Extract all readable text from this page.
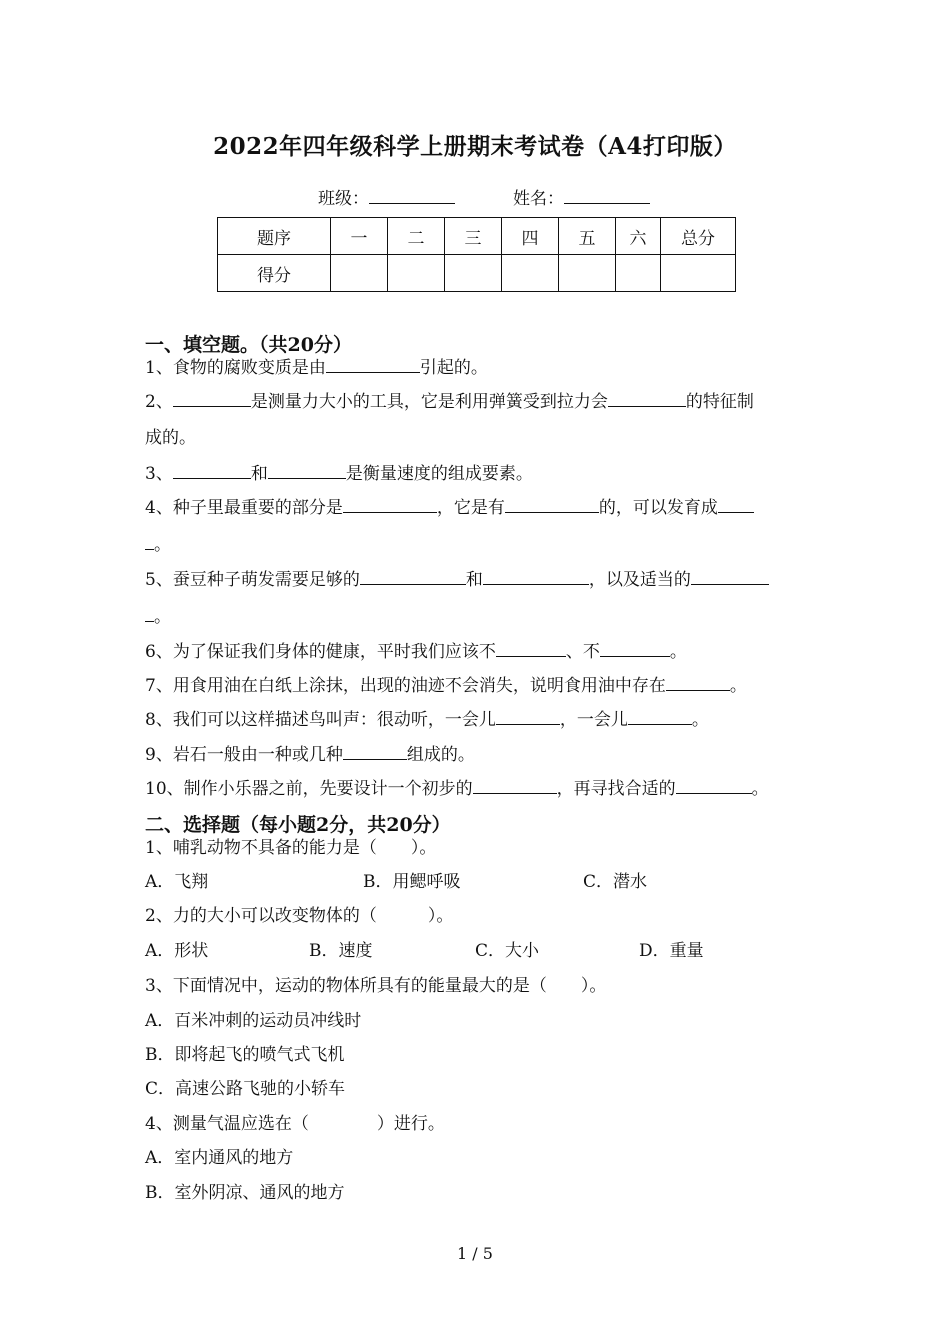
2022年四年级科学上册期末考试卷（A4打印版）
班级：	姓名：
题序	一	二	三	四	五	六	总分
得分							
一、填空题。（共20分）
1、食物的腐败变质是由	引起的。
2、	是测量力大小的工具，它是利用弹簧受到拉力会	的特征制
成的。
3、	和	是衡量速度的组成要素。
4、种子里最重要的部分是	，它是有	的，可以发育成
。
5、蚕豆种子萌发需要足够的	和	，以及适当的
。
6、为了保证我们身体的健康，平时我们应该不	、不	。
7、用食用油在白纸上涂抹，出现的油迹不会消失，说明食用油中存在	。
8、我们可以这样描述鸟叫声：很动听，一会儿	，一会儿	。
9、岩石一般由一种或几种	组成的。
10、制作小乐器之前，先要设计一个初步的	，再寻找合适的	。
二、选择题（每小题2分，共20分）
1、哺乳动物不具备的能力是（　　）。
A．飞翔	B．用鳃呼吸	C．潜水
2、力的大小可以改变物体的（　　　）。
A．形状	B．速度	C．大小	D．重量
3、下面情况中，运动的物体所具有的能量最大的是（　　）。
A．百米冲刺的运动员冲线时
B．即将起飞的喷气式飞机
C．高速公路飞驰的小轿车
4、测量气温应选在（　　　　）进行。
A．室内通风的地方
B．室外阴凉、通风的地方
1 / 5
